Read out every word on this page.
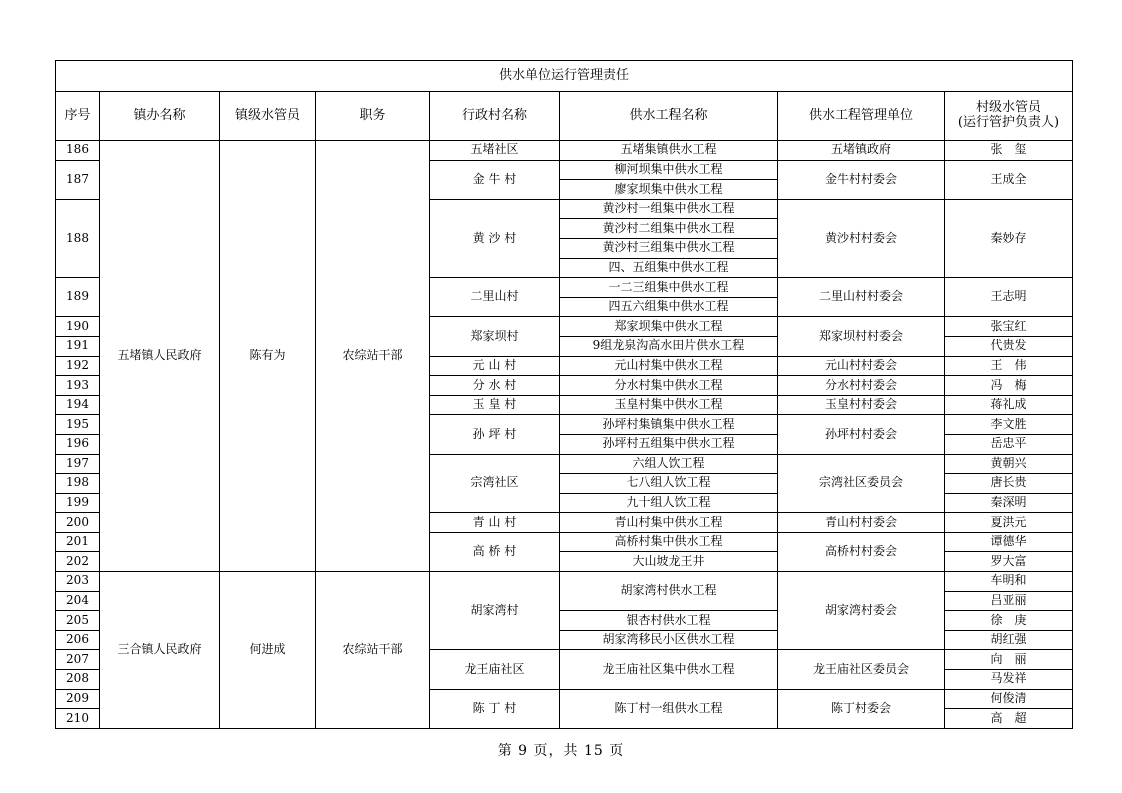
供水单位运行管理责任							
序号	镇办名称	镇级水管员	职务	行政村名称	供水工程名称	供水工程管理单位	村级水管员
(运行管护负责人)
186	五堵镇人民政府	陈有为	农综站干部	五堵社区	五堵集镇供水工程	五堵镇政府	张　玺
187				金 牛 村	柳河坝集中供水工程	金牛村村委会	王成全
					廖家坝集中供水工程		
188				黄 沙 村	黄沙村一组集中供水工程	黄沙村村委会	秦妙存
					黄沙村二组集中供水工程		
					黄沙村三组集中供水工程		
					四、五组集中供水工程		
189				二里山村	一二三组集中供水工程	二里山村村委会	王志明
					四五六组集中供水工程		
190				郑家坝村	郑家坝集中供水工程	郑家坝村村委会	张宝红
191					9组龙泉沟高水田片供水工程		代贵发
192				元 山 村	元山村集中供水工程	元山村村委会	王　伟
193				分 水 村	分水村集中供水工程	分水村村委会	冯　梅
194				玉 皇 村	玉皇村集中供水工程	玉皇村村委会	蒋礼成
195				孙 坪 村	孙坪村集镇集中供水工程	孙坪村村委会	李文胜
196					孙坪村五组集中供水工程		岳忠平
197				宗湾社区	六组人饮工程	宗湾社区委员会	黄朝兴
198					七八组人饮工程		唐长贵
199					九十组人饮工程		秦深明
200				青 山 村	青山村集中供水工程	青山村村委会	夏洪元
201				高 桥 村	高桥村集中供水工程	高桥村村委会	谭德华
202					大山坡龙王井		罗大富
203	三合镇人民政府	何进成	农综站干部	胡家湾村	胡家湾村供水工程	胡家湾村委会	车明和
204							吕亚丽
205					银杏村供水工程		徐　庚
206					胡家湾移民小区供水工程		胡红强
207				龙王庙社区	龙王庙社区集中供水工程	龙王庙社区委员会	向　丽
208							马发祥
209				陈 丁 村	陈丁村一组供水工程	陈丁村委会	何俊清
210							高　超
第 9 页，共 15 页
